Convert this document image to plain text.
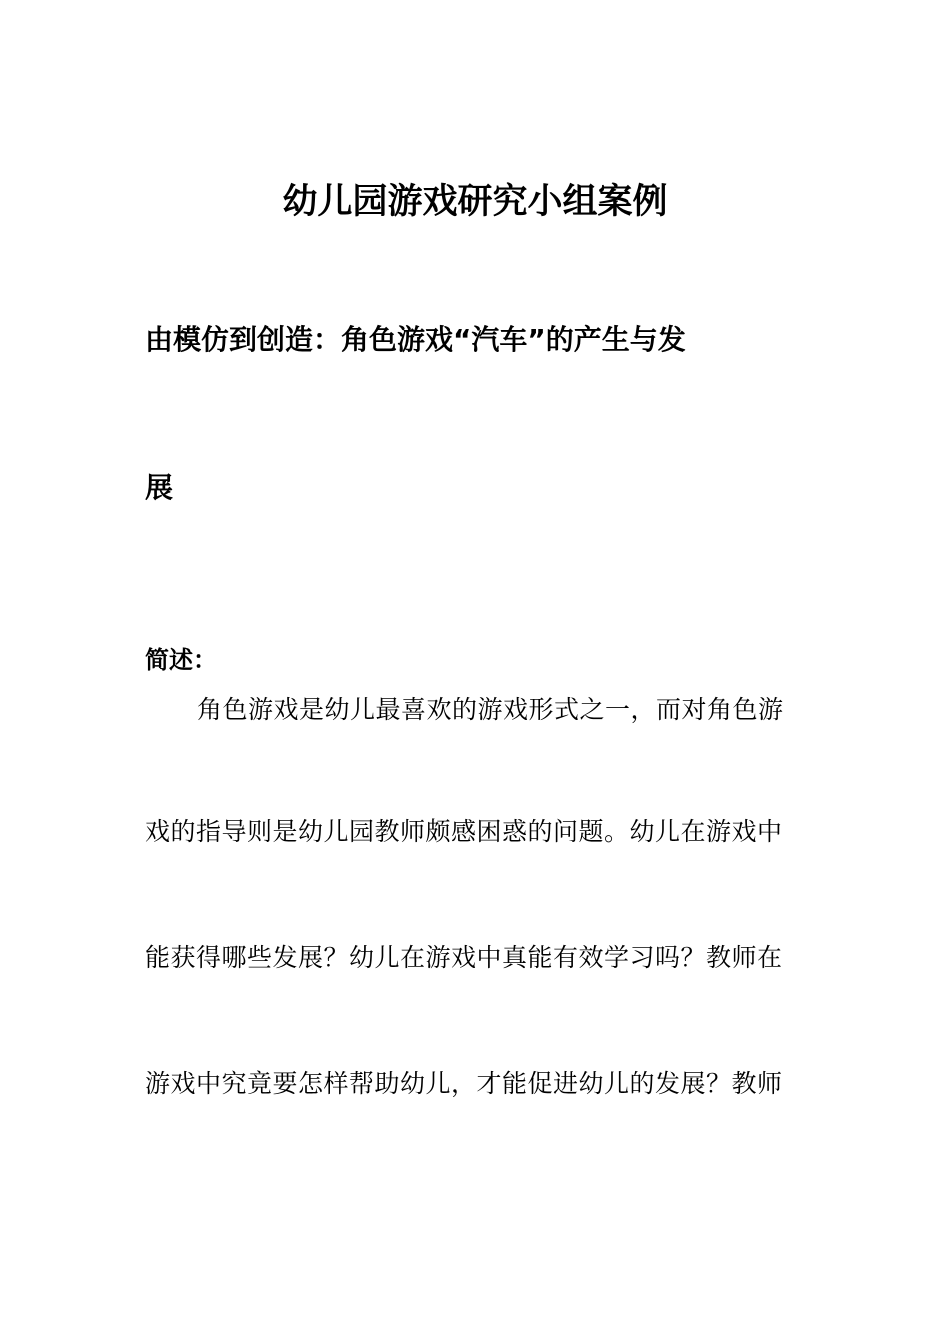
幼儿园游戏研究小组案例
由模仿到创造：角色游戏“汽车”的产生与发
展
简述：

角色游戏是幼儿最喜欢的游戏形式之一，而对角色游

戏的指导则是幼儿园教师颇感困惑的问题。幼儿在游戏中

能获得哪些发展？幼儿在游戏中真能有效学习吗？教师在

游戏中究竟要怎样帮助幼儿，才能促进幼儿的发展？教师
